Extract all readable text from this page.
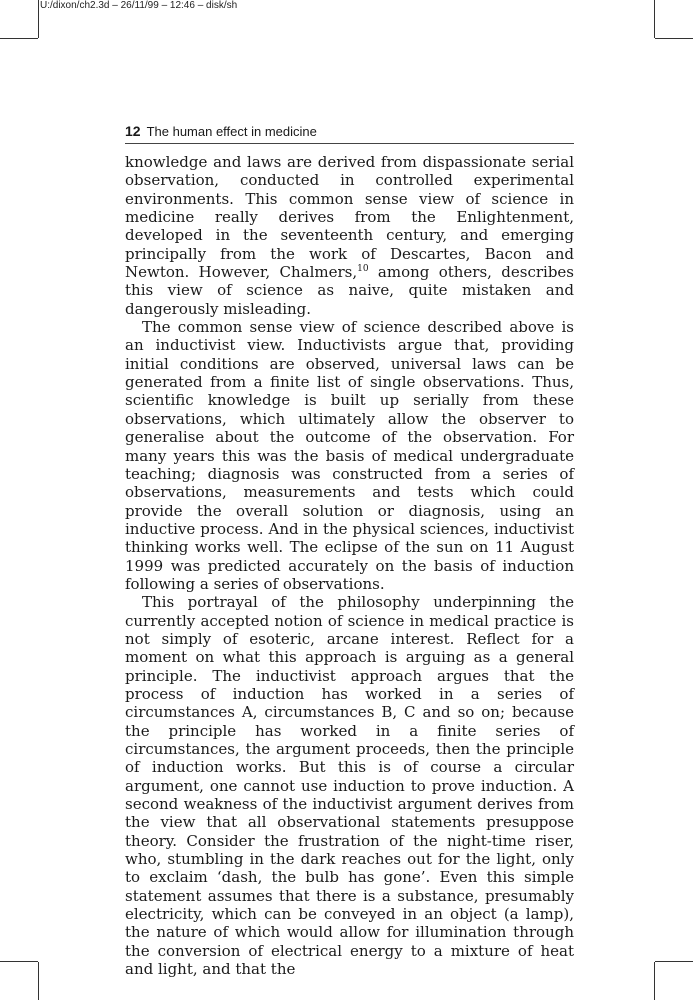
U:/dixon/ch2.3d – 26/11/99 – 12:46 – disk/sh
12 The human effect in medicine

knowledge and laws are derived from dispassionate serial observation, conducted in controlled experimental environments. This common sense view of science in medicine really derives from the Enlightenment, developed in the seventeenth century, and emerging principally from the work of Descartes, Bacon and Newton. However, Chalmers,$^{10}$ among others, describes this view of science as naive, quite mistaken and dangerously misleading.

The common sense view of science described above is an inductivist view. Inductivists argue that, providing initial conditions are observed, universal laws can be generated from a finite list of single observations. Thus, scientific knowledge is built up serially from these observations, which ultimately allow the observer to generalise about the outcome of the observation. For many years this was the basis of medical undergraduate teaching; diagnosis was constructed from a series of observations, measurements and tests which could provide the overall solution or diagnosis, using an inductive process. And in the physical sciences, inductivist thinking works well. The eclipse of the sun on 11 August 1999 was predicted accurately on the basis of induction following a series of observations.

This portrayal of the philosophy underpinning the currently accepted notion of science in medical practice is not simply of esoteric, arcane interest. Reflect for a moment on what this approach is arguing as a general principle. The inductivist approach argues that the process of induction has worked in a series of circumstances A, circumstances B, C and so on; because the principle has worked in a finite series of circumstances, the argument proceeds, then the principle of induction works. But this is of course a circular argument, one cannot use induction to prove induction. A second weakness of the inductivist argument derives from the view that all observational statements presuppose theory. Consider the frustration of the night-time riser, who, stumbling in the dark reaches out for the light, only to exclaim ‘dash, the bulb has gone’. Even this simple statement assumes that there is a substance, presumably electricity, which can be conveyed in an object (a lamp), the nature of which would allow for illumination through the conversion of electrical energy to a mixture of heat and light, and that the
